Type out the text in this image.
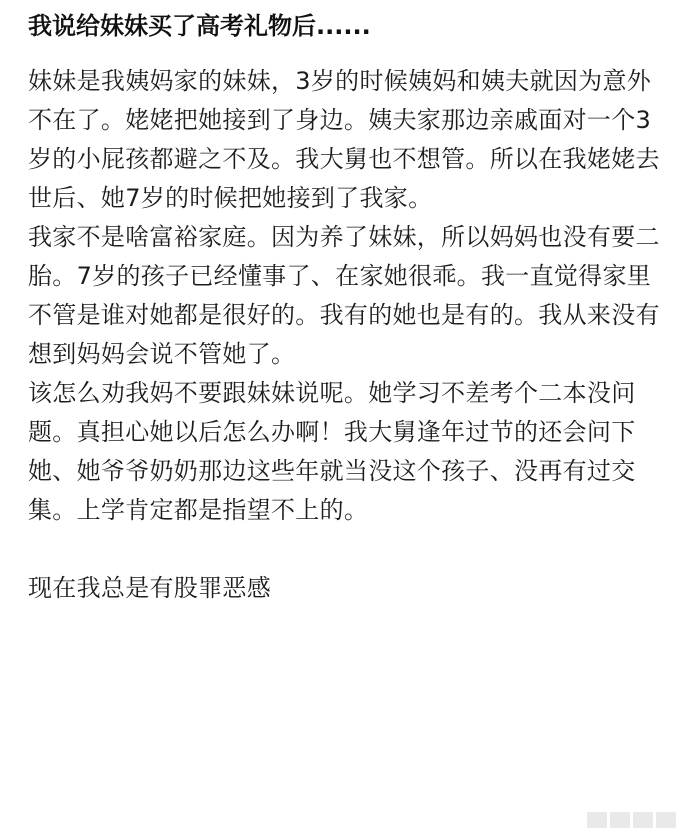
我说给妹妹买了高考礼物后......

妹妹是我姨妈家的妹妹，3岁的时候姨妈和姨夫就因为意外不在了。姥姥把她接到了身边。姨夫家那边亲戚面对一个3岁的小屁孩都避之不及。我大舅也不想管。所以在我姥姥去世后、她7岁的时候把她接到了我家。

我家不是啥富裕家庭。因为养了妹妹，所以妈妈也没有要二胎。7岁的孩子已经懂事了、在家她很乖。我一直觉得家里不管是谁对她都是很好的。我有的她也是有的。我从来没有想到妈妈会说不管她了。

该怎么劝我妈不要跟妹妹说呢。她学习不差考个二本没问题。真担心她以后怎么办啊！我大舅逢年过节的还会问下她、她爷爷奶奶那边这些年就当没这个孩子、没再有过交集。上学肯定都是指望不上的。

现在我总是有股罪恶感
